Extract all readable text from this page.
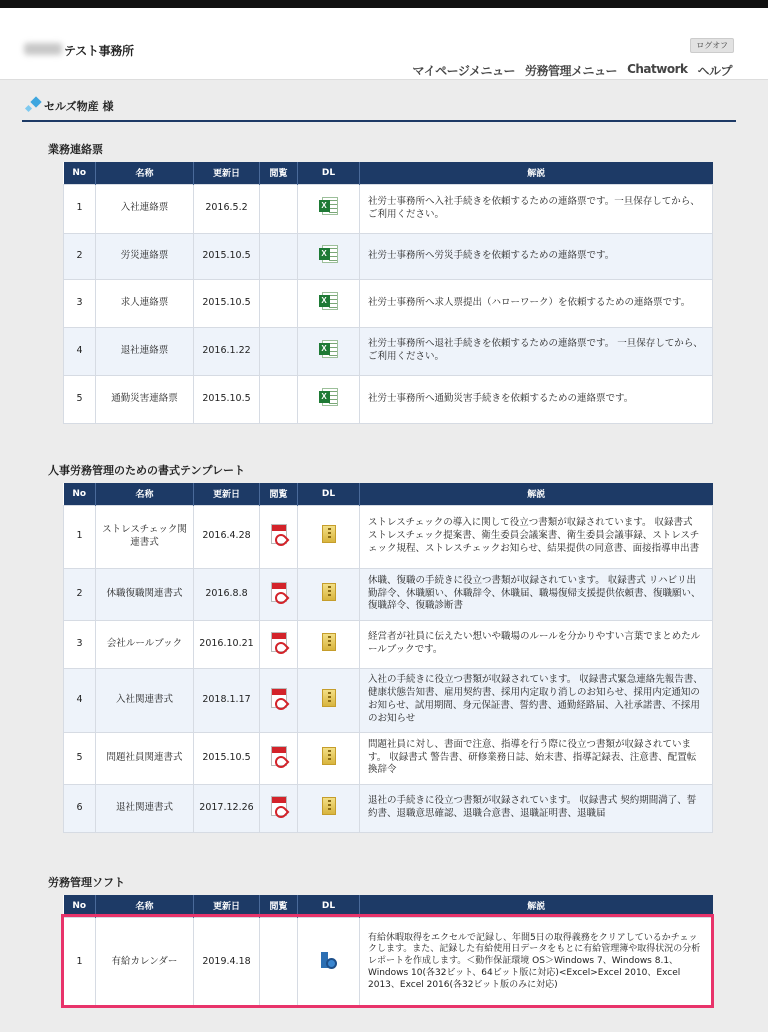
テスト事務所	ログオフ
マイページメニュー 労務管理メニュー Chatwork ヘルプ
セルズ物産 様
業務連絡票
No	名称	更新日	閲覧	DL	解説
1	入社連絡票	2016.5.2		X	社労士事務所へ入社手続きを依頼するための連絡票です。一旦保存してから、ご利用ください。
2	労災連絡票	2015.10.5		X	社労士事務所へ労災手続きを依頼するための連絡票です。
3	求人連絡票	2015.10.5		X	社労士事務所へ求人票提出（ハローワーク）を依頼するための連絡票です。
4	退社連絡票	2016.1.22		X	社労士事務所へ退社手続きを依頼するための連絡票です。 一旦保存してから、ご利用ください。
5	通勤災害連絡票	2015.10.5		X	社労士事務所へ通勤災害手続きを依頼するための連絡票です。
人事労務管理のための書式テンプレート
No	名称	更新日	閲覧	DL	解説
1	ストレスチェック関連書式	2016.4.28			ストレスチェックの導入に関して役立つ書類が収録されています。 収録書式 ストレスチェック提案書、衛生委員会議案書、衛生委員会議事録、ストレスチェック規程、ストレスチェックお知らせ、結果提供の同意書、面接指導申出書
2	休職復職関連書式	2016.8.8			休職、復職の手続きに役立つ書類が収録されています。 収録書式 リハビリ出勤辞令、休職願い、休職辞令、休職届、職場復帰支援提供依頼書、復職願い、復職辞令、復職診断書
3	会社ルールブック	2016.10.21			経営者が社員に伝えたい想いや職場のルールを分かりやすい言葉でまとめたルールブックです。
4	入社関連書式	2018.1.17			入社の手続きに役立つ書類が収録されています。 収録書式緊急連絡先報告書、健康状態告知書、雇用契約書、採用内定取り消しのお知らせ、採用内定通知のお知らせ、試用期間、身元保証書、誓約書、通勤経路届、入社承諾書、不採用のお知らせ
5	問題社員関連書式	2015.10.5			問題社員に対し、書面で注意、指導を行う際に役立つ書類が収録されています。 収録書式 警告書、研修業務日誌、始末書、指導記録表、注意書、配置転換辞令
6	退社関連書式	2017.12.26			退社の手続きに役立つ書類が収録されています。 収録書式 契約期間満了、誓約書、退職意思確認、退職合意書、退職証明書、退職届
労務管理ソフト
No	名称	更新日	閲覧	DL	解説
1	有給カレンダー	2019.4.18			有給休暇取得をエクセルで記録し、年間5日の取得義務をクリアしているかチェックします。また、記録した有給使用日データをもとに有給管理簿や取得状況の分析レポートを作成します。＜動作保証環境 OS＞Windows 7、Windows 8.1、Windows 10(各32ビット、64ビット版に対応)<Excel>Excel 2010、Excel 2013、Excel 2016(各32ビット版のみに対応)
